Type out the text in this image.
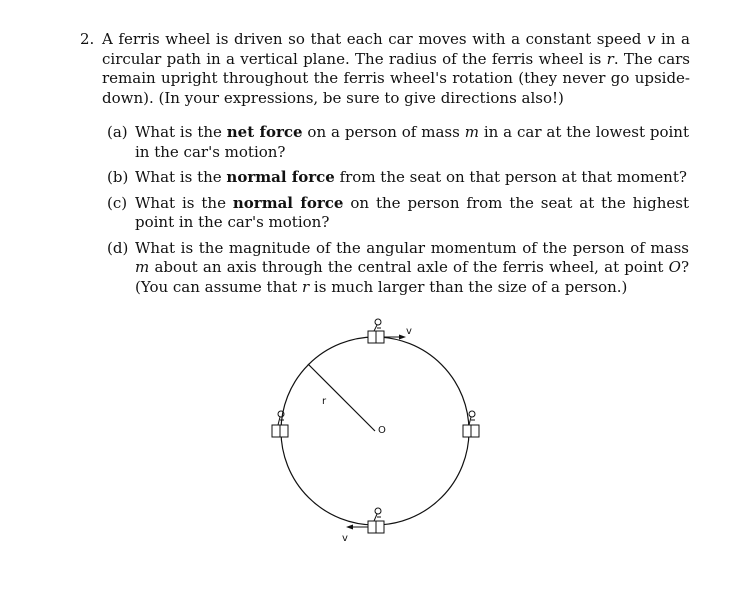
2. A ferris wheel is driven so that each car moves with a constant speed v in a circular path in a vertical plane. The radius of the ferris wheel is r. The cars remain upright throughout the ferris wheel's rotation (they never go upside-down). (In your expressions, be sure to give directions also!)
(a) What is the net force on a person of mass m in a car at the lowest point in the car's motion?
(b) What is the normal force from the seat on that person at that moment?
(c) What is the normal force on the person from the seat at the highest point in the car's motion?
(d) What is the magnitude of the angular momentum of the person of mass m about an axis through the central axle of the ferris wheel, at point O? (You can assume that r is much larger than the size of a person.)
r
O
v
v
